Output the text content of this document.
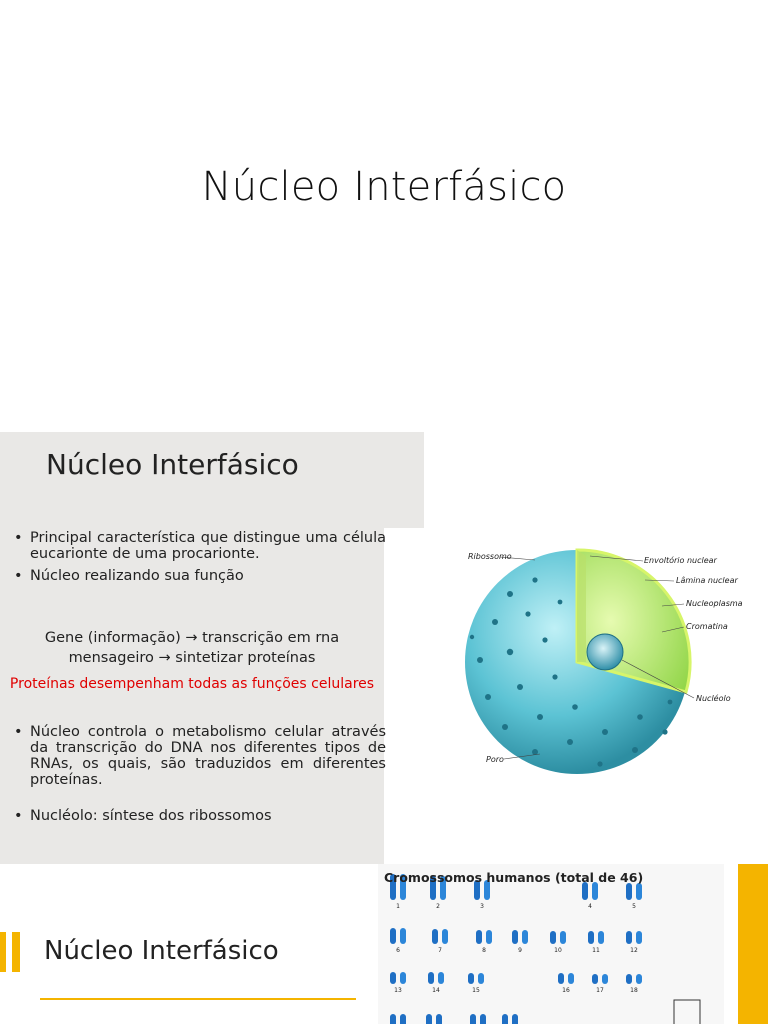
Núcleo Interfásico
Núcleo Interfásico
• Principal característica que distingue uma célula eucarionte de uma procarionte.
• Núcleo realizando sua função
Gene (informação) → transcrição em rna
mensageiro → sintetizar proteínas
Proteínas desempenham todas as funções celulares
• Núcleo controla o metabolismo celular através da transcrição do DNA nos diferentes tipos de RNAs, os quais, são traduzidos em diferentes proteínas.
• Nucléolo: síntese dos ribossomos
Ribossomo	Envoltório nuclear
Lâmina nuclear
Nucleoplasma
Cromatina
Nucléolo
Poro
Núcleo Interfásico
Cromossomos humanos (total de 46)
1	2	3	4	5
6	7	8	9	10	11	12
13	14	15	16	17	18
